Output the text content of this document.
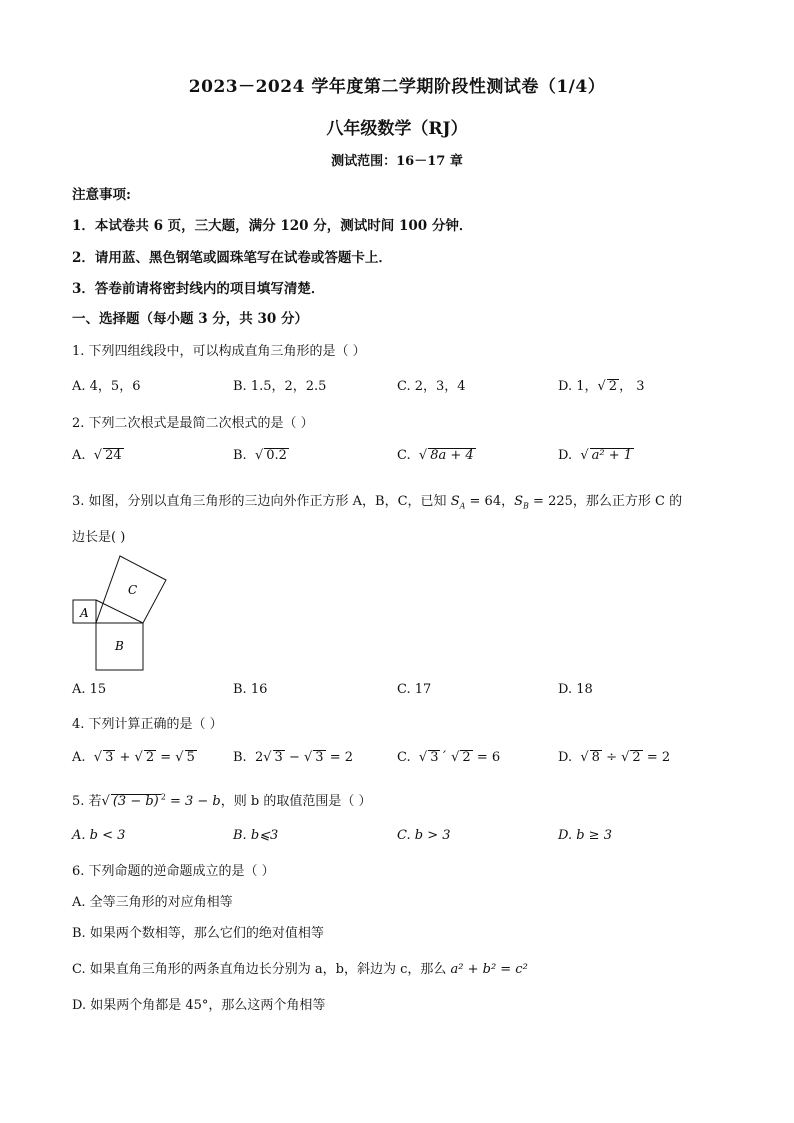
2023－2024 学年度第二学期阶段性测试卷（1/4）
八年级数学（RJ）
测试范围：16－17 章
注意事项:
1．本试卷共 6 页，三大题，满分 120 分，测试时间 100 分钟．
2．请用蓝、黑色钢笔或圆珠笔写在试卷或答题卡上．
3．答卷前请将密封线内的项目填写清楚．
一、选择题（每小题 3 分，共 30 分）
1. 下列四组线段中，可以构成直角三角形的是（ ）
A. 4，5，6	B. 1.5，2，2.5	C. 2，3，4	D. 1，√ 2 ， 3
2. 下列二次根式是最简二次根式的是（ ）
A. √ 24	B. √ 0.2	C. √ 8a + 4	D. √ a² + 1
3. 如图，分别以直角三角形的三边向外作正方形 A，B，C，已知 $S_A = 64$，$S_B = 225$，那么正方形 C 的
边长是( )
A
B
C
A. 15	B. 16	C. 17	D. 18
4. 下列计算正确的是（ ）
A. √ 3 + √ 2 = √ 5	B. 2√ 3 − √ 3 = 2	C. √ 3 ´ √ 2 = 6	D. √ 8 ÷ √ 2 = 2
5. 若√ (3 − b) $^2$ = 3 − b，则 b 的取值范围是（ ）
A. b < 3	B. b⩽3	C. b > 3	D. b ≥ 3
6. 下列命题的逆命题成立的是（ ）
A. 全等三角形的对应角相等
B. 如果两个数相等，那么它们的绝对值相等
C. 如果直角三角形的两条直角边长分别为 a，b，斜边为 c，那么 a² + b² = c²
D. 如果两个角都是 45°，那么这两个角相等
